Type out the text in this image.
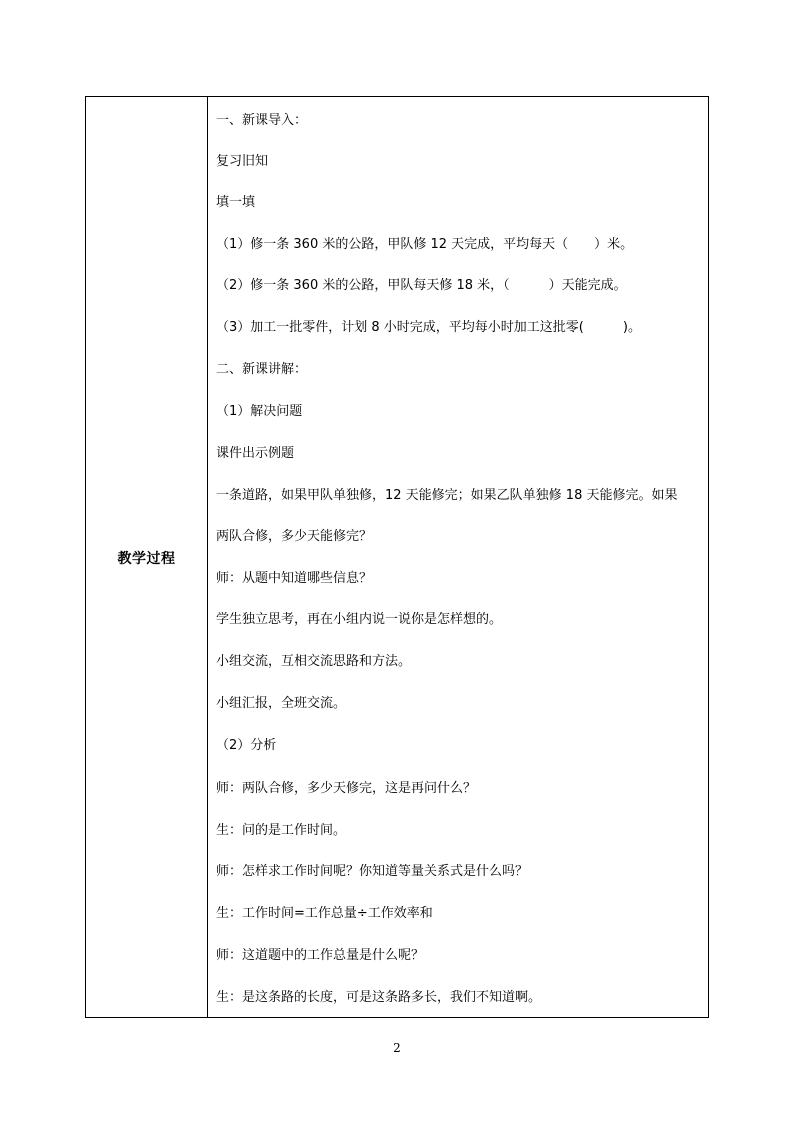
教学过程
一、新课导入：
复习旧知
填一填
（1）修一条 360 米的公路，甲队修 12 天完成，平均每天（　　）米。
（2）修一条 360 米的公路，甲队每天修 18 米，（　　　）天能完成。
（3）加工一批零件，计划 8 小时完成，平均每小时加工这批零(　　　)。
二、新课讲解：
（1）解决问题
课件出示例题
一条道路，如果甲队单独修，12 天能修完；如果乙队单独修 18 天能修完。如果
两队合修，多少天能修完？
师：从题中知道哪些信息？
学生独立思考，再在小组内说一说你是怎样想的。
小组交流，互相交流思路和方法。
小组汇报，全班交流。
（2）分析
师：两队合修，多少天修完，这是再问什么？
生：问的是工作时间。
师：怎样求工作时间呢？你知道等量关系式是什么吗？
生：工作时间=工作总量÷工作效率和
师：这道题中的工作总量是什么呢？
生：是这条路的长度，可是这条路多长，我们不知道啊。
2
